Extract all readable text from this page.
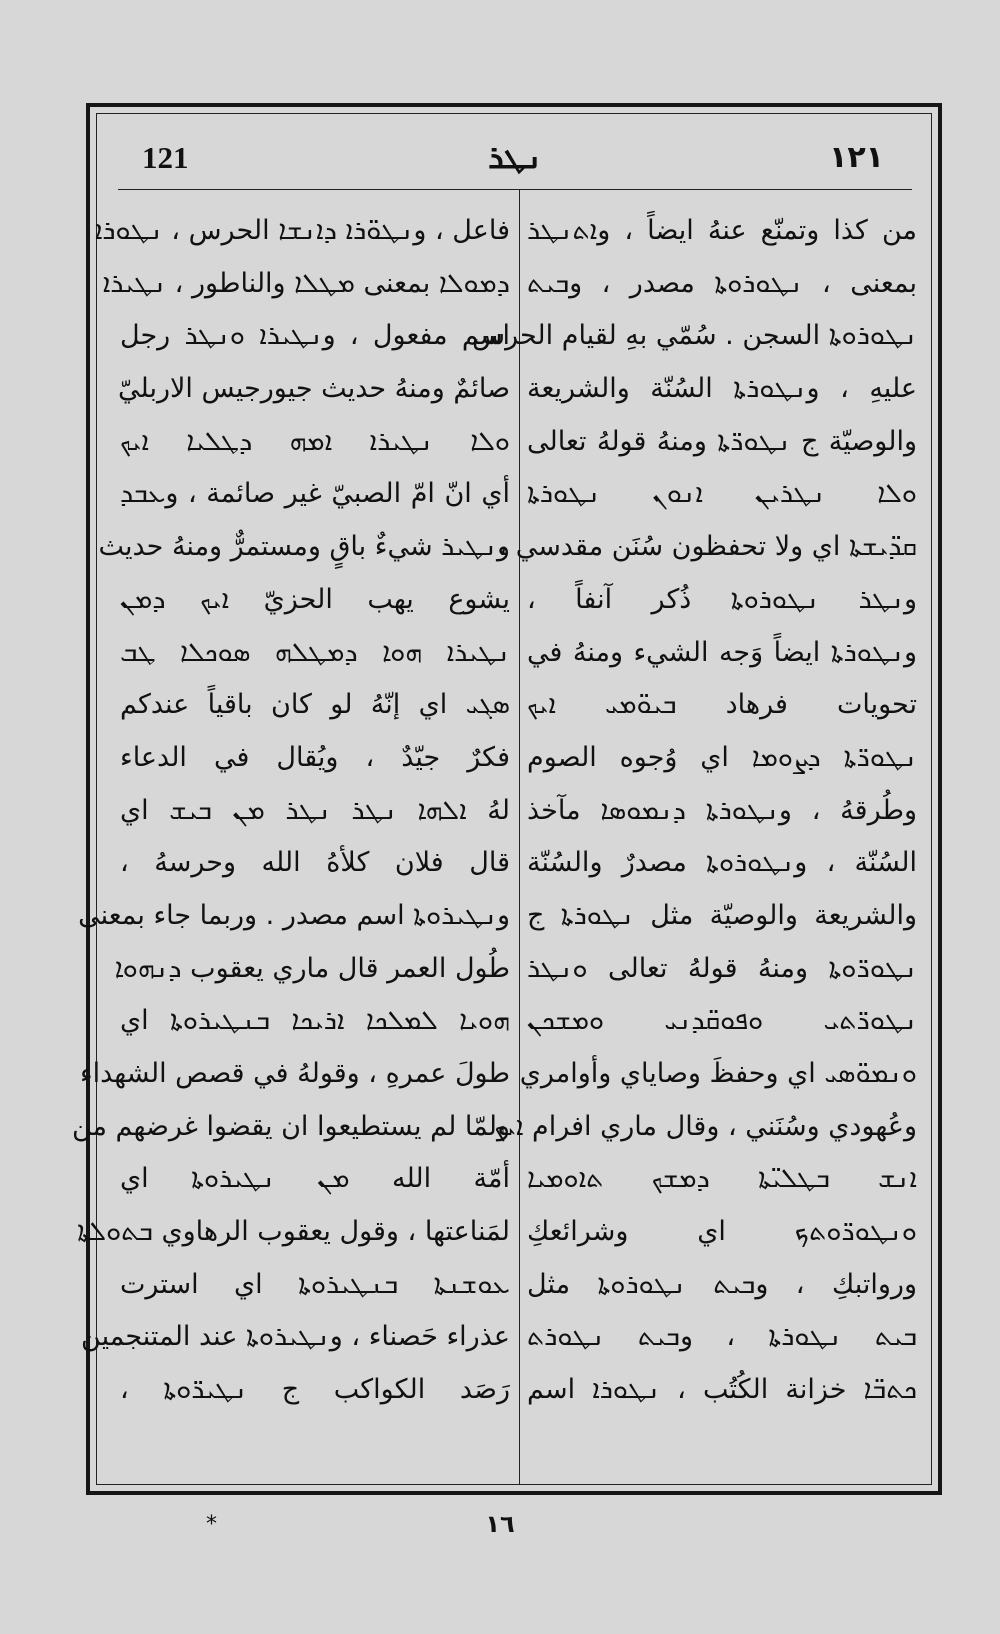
121	ܢܛܪ	١٢١
من كذا وتمنّع عنهُ ايضاً ، وܐܬܢܛܪ
بمعنى ، ܢܛܘܪܘܬܐ مصدر ، وܒܝܬ
ܢܛܘܪܘܬܐ السجن . سُمّي بهِ لقيام الحرس
عليهِ ، وܢܛܘܪܬܐ السُنّة والشريعة
والوصيّة ج ܢܛܘܪ̈ܬܐ ومنهُ قولهُ تعالى
ܘܠܐ ܢܛܪܝܢ ܐܢܘܢ ܢܛܘܪܬܐ
ܩܕ̈ܝܫܬܐ اي ولا تحفظون سُنَن مقدسي ،
وܢܛܪ ܢܛܘܪܘܬܐ ذُكر آنفاً ،
وܢܛܘܪܬܐ ايضاً وَجه الشيء ومنهُ في
تحويات فرهاد ܒܝܘ̈ܡܝ ܐܝܟ
ܢܛܘܪ̈ܬܐ ܕܨܘܡܐ اي وُجوه الصوم
وطُرقهُ ، وܢܛܘܪܬܐ ܕܢܡܘܣܐ مآخذ
السُنّة ، وܢܛܘܪܘܬܐ مصدرٌ والسُنّة
والشريعة والوصيّة مثل ܢܛܘܪܬܐ ج
ܢܛܘܪ̈ܘܬܐ ومنهُ قولهُ تعالى ܘܢܛܪ
ܢܛܘܪ̈ܬܝ ܘܦܘܩ̈ܕܢܝ ܘܡܫܟܢ
ܘܢܡܘ̈ܣܝ اي وحفظَ وصاياي وأوامري
وعُهودي وسُنَني ، وقال ماري افرام ܐܝܟ
ܐܢܫ ܒܛܠܝ̈ܬܐ ܕܡܫܟ ܬܐܘܡܝܐ
ܘܢܛܘܪ̈ܘܬܟ اي وشرائعكِ
ورواتبكِ ، وܒܝܬ ܢܛܘܪܘܬܐ مثل
ܒܝܬ ܢܛܘܪܬܐ ، وܒܝܬ ܢܛܘܪܬ
ܟܬܒ̈ܐ خزانة الكُتُب ، ܢܛܘܪܐ اسم
فاعل ، وܢܛܘ̈ܪܐ ܕܐܢܫܐ الحرس ، ܢܛܘܪܐ
ܕܡܘܠܐ بمعنى ܡܛܠܐ والناطور ، ܢܛܝܪܐ
اسم مفعول ، وܢܛܝܪܐ ܘܢܛܪ رجل
صائمٌ ومنهُ حديث جيورجيس الاربليّ
ܘܠܐ ܢܛܝܪܐ ܐܡܗ ܕܛܠܝܐ ܐܝܟ
أي انّ امّ الصبيّ غير صائمة ، وܥܒܕ
وܢܛܝܪ شيءٌ باقٍ ومستمرٌّ ومنهُ حديث
يشوع يهب الحزيّ ܐܝܟ ܕܡܢ
ܢܛܝܪܐ ܗܘܐ ܕܡܛܠܗ ܣܘܟܠܐ ܛܒ
ܣܓܝ اي إنّهُ لو كان باقياً عندكم
فكرٌ جيّدٌ ، ويُقال في الدعاء
لهُ ܐܠܗܐ ܢܛܪ ܢܛܪ ܡܢ ܒܝܫ اي
قال فلان كلأهُ الله وحرسهُ ،
وܢܛܝܪܘܬܐ اسم مصدر . وربما جاء بمعنى
طُول العمر قال ماري يعقوب ܕܢܗܘܐ
ܗܘܝܐ ܠܡܠܟܐ ܐܪܝܟܐ ܒܢܛܝܪܘܬܐ اي
طولَ عمرهِ ، وقولهُ في قصص الشهداء
ولمّا لم يستطيعوا ان يقضوا غرضهم من
أمّة الله ܡܢ ܢܛܝܪܘܬܐ اي
لمَناعتها ، وقول يعقوب الرهاوي ܒܬܘܠܬܐ
ܥܘܫܢܬܐ ܒܢܛܝܪܘܬܐ اي استرت
عذراء حَصناء ، وܢܛܝܪܘܬܐ عند المتنجمين
رَصَد الكواكب ج ܢܛܝܪ̈ܘܬܐ ،
*	١٦
